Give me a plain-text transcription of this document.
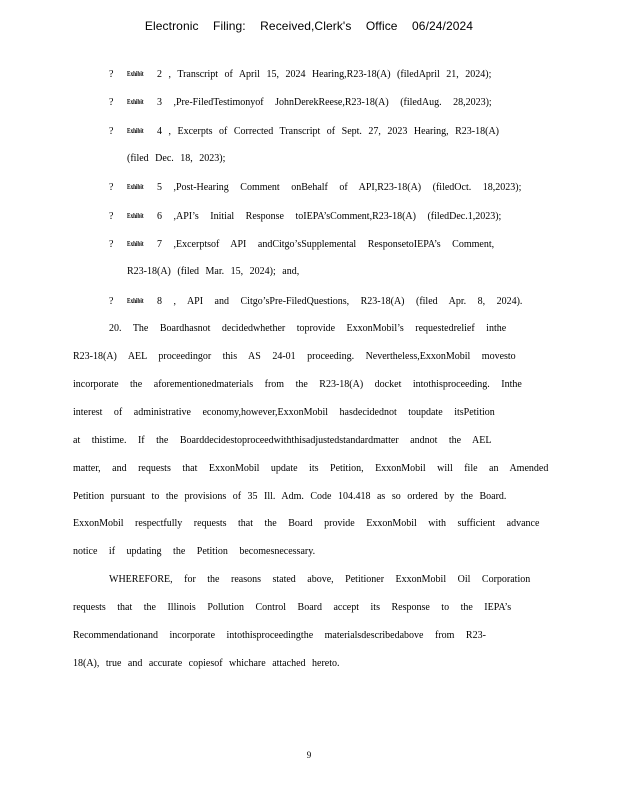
Electronic Filing: Received,Clerk's Office 06/24/2024
? Exhibit 2 , Transcript of April 15, 2024 Hearing,R23-18(A) (filedApril 21, 2024);
? Exhibit 3 ,Pre-FiledTestimonyof JohnDerekReese,R23-18(A) (filedAug. 28,2023);
? Exhibit 4 , Excerpts of Corrected Transcript of Sept. 27, 2023 Hearing, R23-18(A)
(filed Dec. 18, 2023);
? Exhibit 5 ,Post-Hearing Comment onBehalf of API,R23-18(A) (filedOct. 18,2023);
? Exhibit 6 ,API’s Initial Response toIEPA’sComment,R23-18(A) (filedDec.1,2023);
? Exhibit 7 ,Excerptsof API andCitgo’sSupplemental ResponsetoIEPA’s Comment,
R23-18(A) (filed Mar. 15, 2024); and,
? Exhibit 8 , API and Citgo’sPre-FiledQuestions, R23-18(A) (filed Apr. 8, 2024).
20. The Boardhasnot decidedwhether toprovide ExxonMobil’s requestedrelief inthe
R23-18(A) AEL proceedingor this AS 24-01 proceeding. Nevertheless,ExxonMobil movesto
incorporate the aforementionedmaterials from the R23-18(A) docket intothisproceeding. Inthe
interest of administrative economy,however,ExxonMobil hasdecidednot toupdate itsPetition
at thistime. If the Boarddecidestoproceedwiththisadjustedstandardmatter andnot the AEL
matter, and requests that ExxonMobil update its Petition, ExxonMobil will file an Amended
Petition pursuant to the provisions of 35 Ill. Adm. Code 104.418 as so ordered by the Board.
ExxonMobil respectfully requests that the Board provide ExxonMobil with sufficient advance
notice if updating the Petition becomesnecessary.
WHEREFORE, for the reasons stated above, Petitioner ExxonMobil Oil Corporation
requests that the Illinois Pollution Control Board accept its Response to the IEPA’s
Recommendationand incorporate intothisproceedingthe materialsdescribedabove from R23-
18(A), true and accurate copiesof whichare attached hereto.
9
